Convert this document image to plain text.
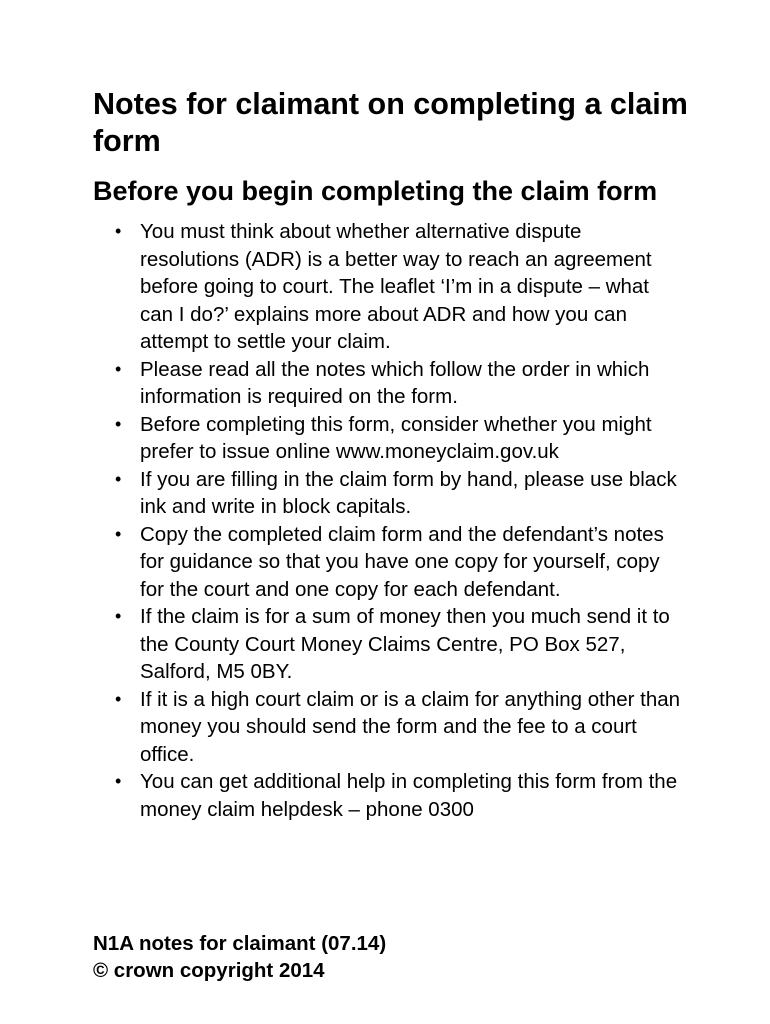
Notes for claimant on completing a claim form
Before you begin completing the claim form
• You must think about whether alternative dispute resolutions (ADR) is a better way to reach an agreement before going to court. The leaflet ‘I’m in a dispute – what can I do?’ explains more about ADR and how you can attempt to settle your claim.
• Please read all the notes which follow the order in which information is required on the form.
• Before completing this form, consider whether you might prefer to issue online www.moneyclaim.gov.uk
• If you are filling in the claim form by hand, please use black ink and write in block capitals.
• Copy the completed claim form and the defendant’s notes for guidance so that you have one copy for yourself, copy for the court and one copy for each defendant.
• If the claim is for a sum of money then you much send it to the County Court Money Claims Centre, PO Box 527, Salford, M5 0BY.
• If it is a high court claim or is a claim for anything other than money you should send the form and the fee to a court office.
• You can get additional help in completing this form from the money claim helpdesk – phone 0300
N1A notes for claimant (07.14)
© crown copyright 2014
